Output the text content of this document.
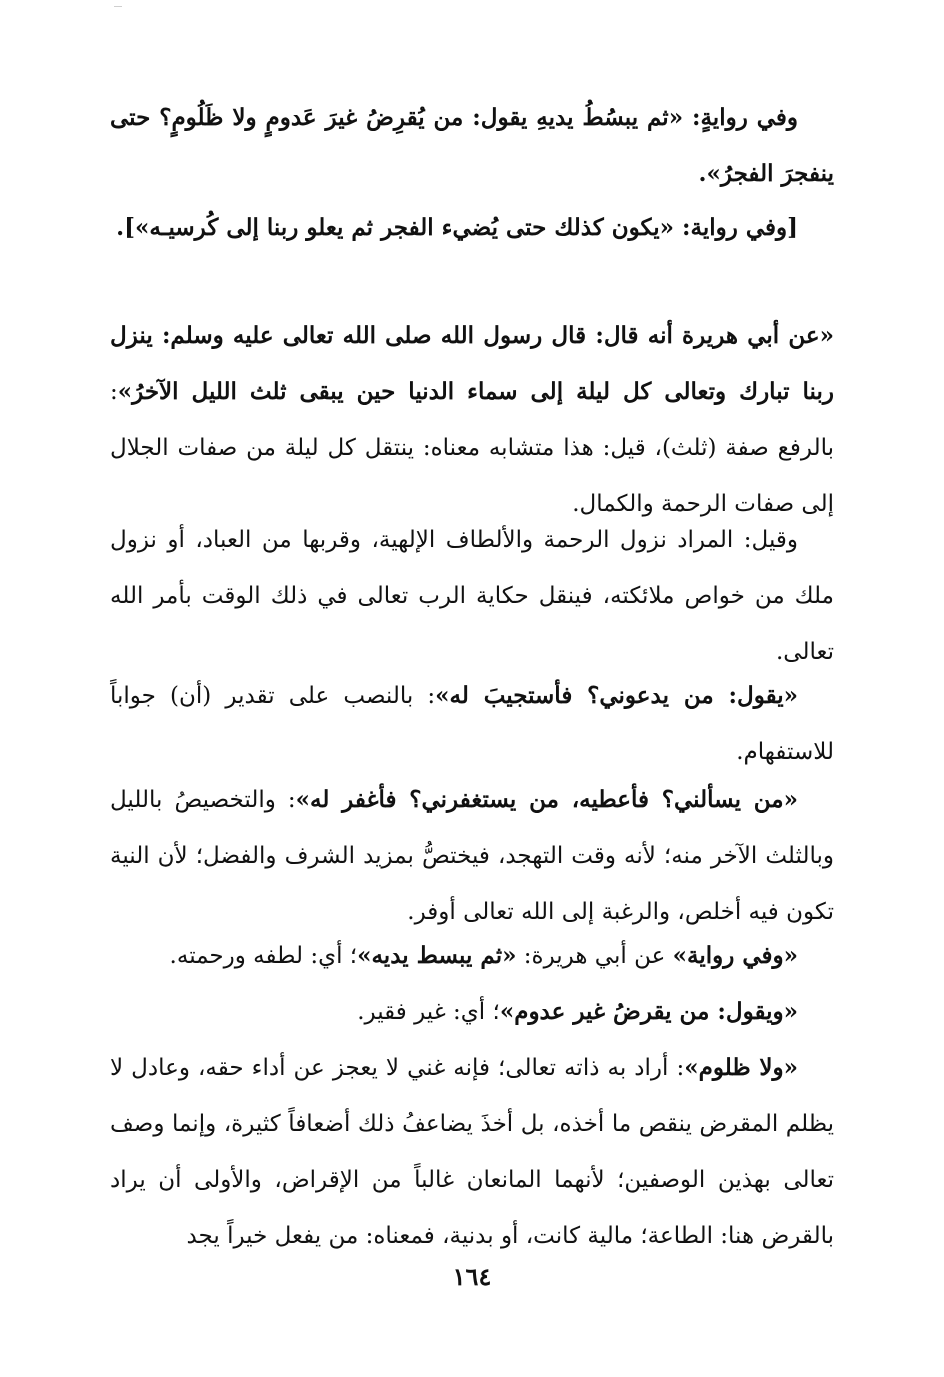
وفي روايةٍ: «ثم يبسُطُ يديهِ يقول: من يُقرِضُ غيرَ عَدومٍ ولا ظَلُومٍ؟ حتى ينفجرَ الفجرُ».

[وفي رواية: «يكون كذلك حتى يُضيء الفجر ثم يعلو ربنا إلى كُرسيـه»].

«عن أبي هريرة أنه قال: قال رسول الله صلى الله تعالى عليه وسلم: ينزل ربنا تبارك وتعالى كل ليلة إلى سماء الدنيا حين يبقى ثلث الليل الآخرُ»: بالرفع صفة (ثلث)، قيل: هذا متشابه معناه: ينتقل كل ليلة من صفات الجلال إلى صفات الرحمة والكمال.

وقيل: المراد نزول الرحمة والألطاف الإلهية، وقربها من العباد، أو نزول ملك من خواص ملائكته، فينقل حكاية الرب تعالى في ذلك الوقت بأمر الله تعالى.

«يقول: من يدعوني؟ فأستجيبَ له»: بالنصب على تقدير (أن) جواباً للاستفهام.

«من يسألني؟ فأعطيه، من يستغفرني؟ فأغفر له»: والتخصيصُ بالليل وبالثلث الآخر منه؛ لأنه وقت التهجد، فيختصُّ بمزيد الشرف والفضل؛ لأن النية تكون فيه أخلص، والرغبة إلى الله تعالى أوفر.

«وفي رواية» عن أبي هريرة: «ثم يبسط يديه»؛ أي: لطفه ورحمته.

«ويقول: من يقرضُ غير عدوم»؛ أي: غير فقير.

«ولا ظلوم»: أراد به ذاته تعالى؛ فإنه غني لا يعجز عن أداء حقه، وعادل لا يظلم المقرض ينقص ما أخذه، بل أخذَ يضاعفُ ذلك أضعافاً كثيرة، وإنما وصف تعالى بهذين الوصفين؛ لأنهما المانعان غالباً من الإقراض، والأولى أن يراد بالقرض هنا: الطاعة؛ مالية كانت، أو بدنية، فمعناه: من يفعل خيراً يجد

١٦٤
